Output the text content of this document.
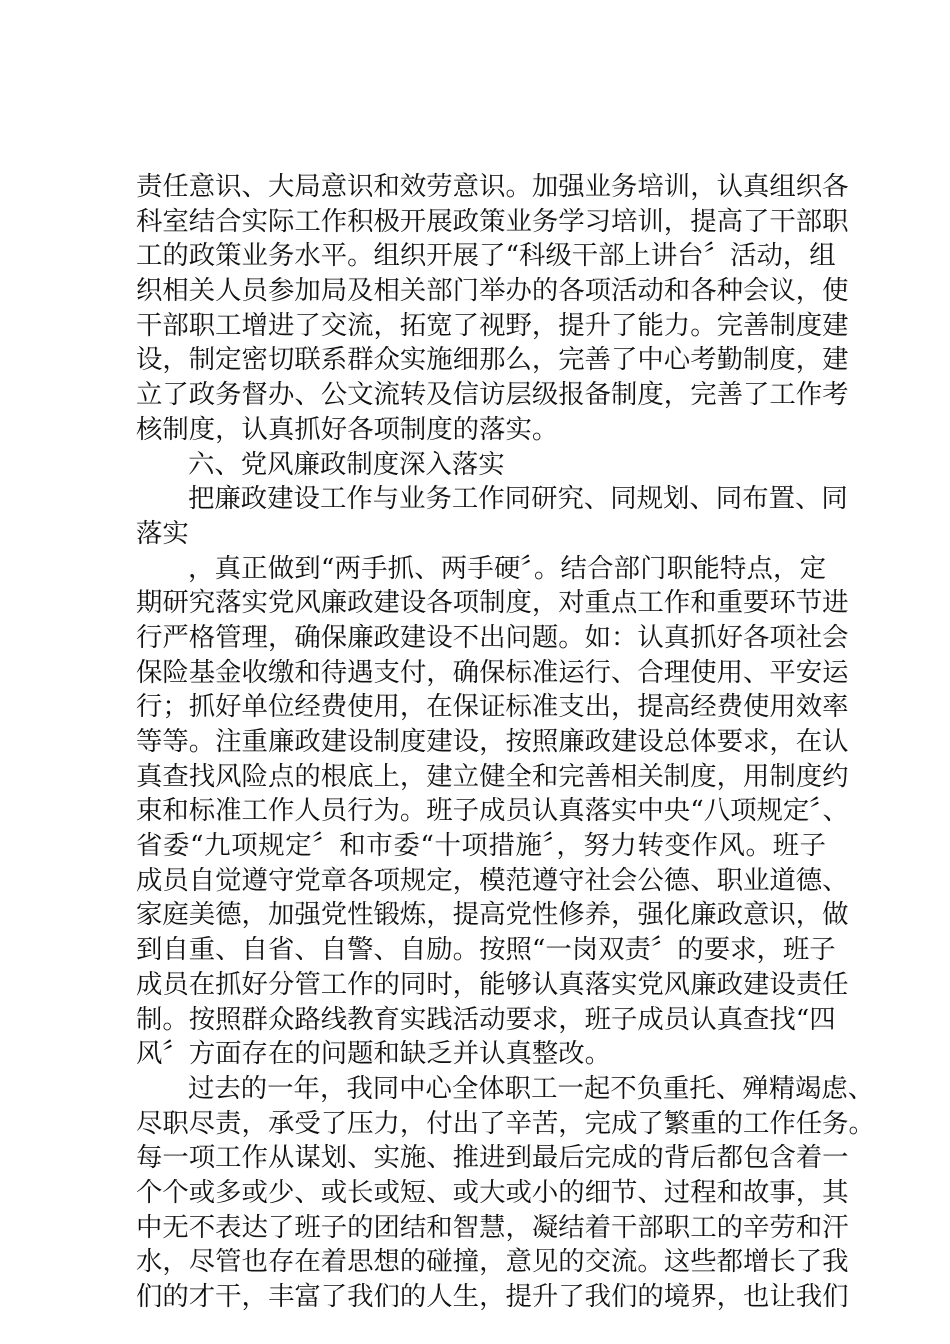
责任意识、大局意识和效劳意识。加强业务培训，认真组织各
科室结合实际工作积极开展政策业务学习培训，提高了干部职
工的政策业务水平。组织开展了“科级干部上讲台〞活动，组
织相关人员参加局及相关部门举办的各项活动和各种会议，使
干部职工增进了交流，拓宽了视野，提升了能力。完善制度建
设，制定密切联系群众实施细那么，完善了中心考勤制度，建
立了政务督办、公文流转及信访层级报备制度，完善了工作考
核制度，认真抓好各项制度的落实。
六、党风廉政制度深入落实
把廉政建设工作与业务工作同研究、同规划、同布置、同
落实
，真正做到“两手抓、两手硬〞。结合部门职能特点，定
期研究落实党风廉政建设各项制度，对重点工作和重要环节进
行严格管理，确保廉政建设不出问题。如：认真抓好各项社会
保险基金收缴和待遇支付，确保标准运行、合理使用、平安运
行；抓好单位经费使用，在保证标准支出，提高经费使用效率
等等。注重廉政建设制度建设，按照廉政建设总体要求，在认
真查找风险点的根底上，建立健全和完善相关制度，用制度约
束和标准工作人员行为。班子成员认真落实中央“八项规定〞、
省委“九项规定〞和市委“十项措施〞，努力转变作风。班子
成员自觉遵守党章各项规定，模范遵守社会公德、职业道德、
家庭美德，加强党性锻炼，提高党性修养，强化廉政意识，做
到自重、自省、自警、自励。按照“一岗双责〞的要求，班子
成员在抓好分管工作的同时，能够认真落实党风廉政建设责任
制。按照群众路线教育实践活动要求，班子成员认真查找“四
风〞方面存在的问题和缺乏并认真整改。
过去的一年，我同中心全体职工一起不负重托、殚精竭虑、
尽职尽责，承受了压力，付出了辛苦，完成了繁重的工作任务。
每一项工作从谋划、实施、推进到最后完成的背后都包含着一
个个或多或少、或长或短、或大或小的细节、过程和故事，其
中无不表达了班子的团结和智慧，凝结着干部职工的辛劳和汗
水，尽管也存在着思想的碰撞，意见的交流。这些都增长了我
们的才干，丰富了我们的人生，提升了我们的境界，也让我们
